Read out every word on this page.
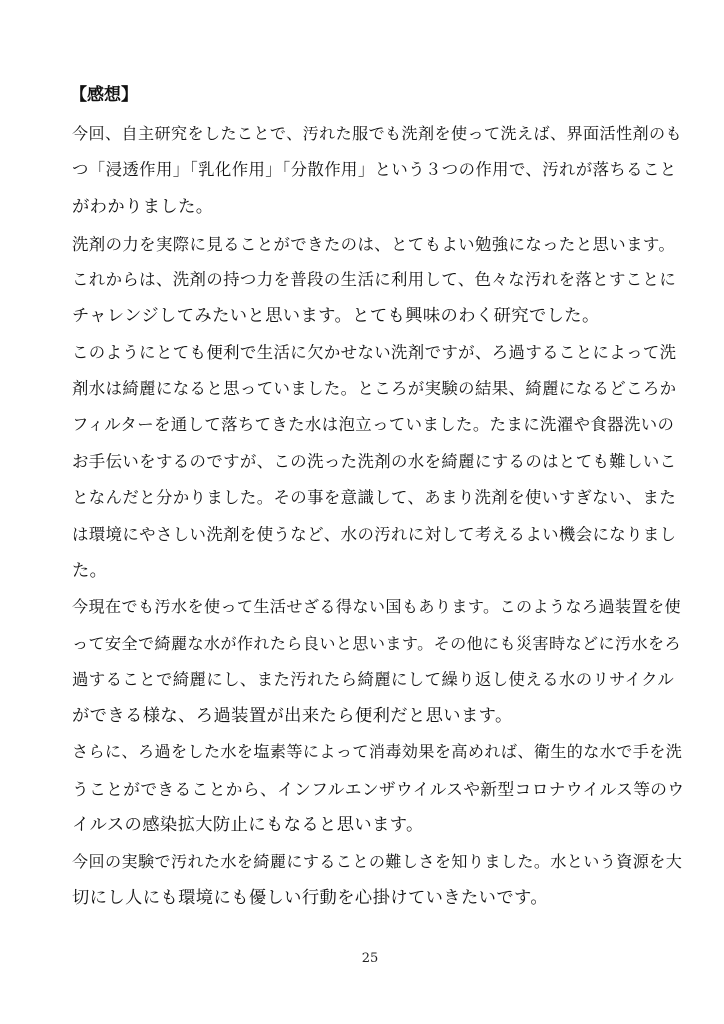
【感想】
今回、自主研究をしたことで、汚れた服でも洗剤を使って洗えば、界面活性剤のも
つ「浸透作用」「乳化作用」「分散作用」という３つの作用で、汚れが落ちること
がわかりました。
洗剤の力を実際に見ることができたのは、とてもよい勉強になったと思います。
これからは、洗剤の持つ力を普段の生活に利用して、色々な汚れを落とすことに
チャレンジしてみたいと思います。とても興味のわく研究でした。
このようにとても便利で生活に欠かせない洗剤ですが、ろ過することによって洗
剤水は綺麗になると思っていました。ところが実験の結果、綺麗になるどころか
フィルターを通して落ちてきた水は泡立っていました。たまに洗濯や食器洗いの
お手伝いをするのですが、この洗った洗剤の水を綺麗にするのはとても難しいこ
となんだと分かりました。その事を意識して、あまり洗剤を使いすぎない、また
は環境にやさしい洗剤を使うなど、水の汚れに対して考えるよい機会になりまし
た。
今現在でも汚水を使って生活せざる得ない国もあります。このようなろ過装置を使
って安全で綺麗な水が作れたら良いと思います。その他にも災害時などに汚水をろ
過することで綺麗にし、また汚れたら綺麗にして繰り返し使える水のリサイクル
ができる様な、ろ過装置が出来たら便利だと思います。
さらに、ろ過をした水を塩素等によって消毒効果を高めれば、衛生的な水で手を洗
うことができることから、インフルエンザウイルスや新型コロナウイルス等のウ
イルスの感染拡大防止にもなると思います。
今回の実験で汚れた水を綺麗にすることの難しさを知りました。水という資源を大
切にし人にも環境にも優しい行動を心掛けていきたいです。
25
